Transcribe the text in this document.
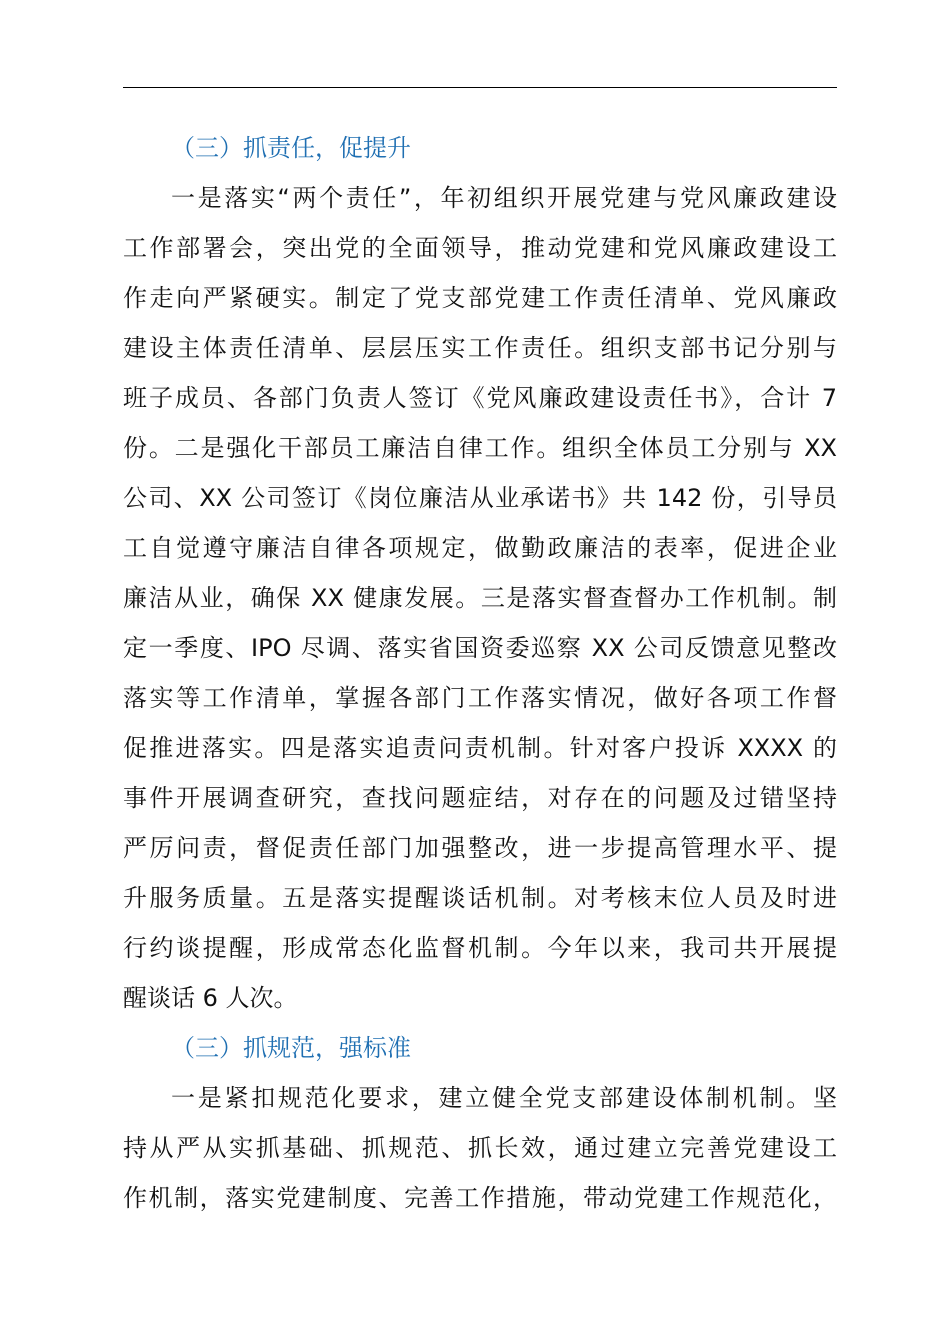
（三）抓责任，促提升

一是落实“两个责任”，年初组织开展党建与党风廉政建设
工作部署会，突出党的全面领导，推动党建和党风廉政建设工
作走向严紧硬实。制定了党支部党建工作责任清单、党风廉政
建设主体责任清单、层层压实工作责任。组织支部书记分别与
班子成员、各部门负责人签订《党风廉政建设责任书》，合计 7
份。二是强化干部员工廉洁自律工作。组织全体员工分别与 XX
公司、XX 公司签订《岗位廉洁从业承诺书》共 142 份，引导员
工自觉遵守廉洁自律各项规定，做勤政廉洁的表率，促进企业
廉洁从业，确保 XX 健康发展。三是落实督查督办工作机制。制
定一季度、IPO 尽调、落实省国资委巡察 XX 公司反馈意见整改
落实等工作清单，掌握各部门工作落实情况，做好各项工作督
促推进落实。四是落实追责问责机制。针对客户投诉 XXXX 的
事件开展调查研究，查找问题症结，对存在的问题及过错坚持
严厉问责，督促责任部门加强整改，进一步提高管理水平、提
升服务质量。五是落实提醒谈话机制。对考核末位人员及时进
行约谈提醒，形成常态化监督机制。今年以来，我司共开展提
醒谈话 6 人次。

（三）抓规范，强标准

一是紧扣规范化要求，建立健全党支部建设体制机制。坚
持从严从实抓基础、抓规范、抓长效，通过建立完善党建设工
作机制，落实党建制度、完善工作措施，带动党建工作规范化，
